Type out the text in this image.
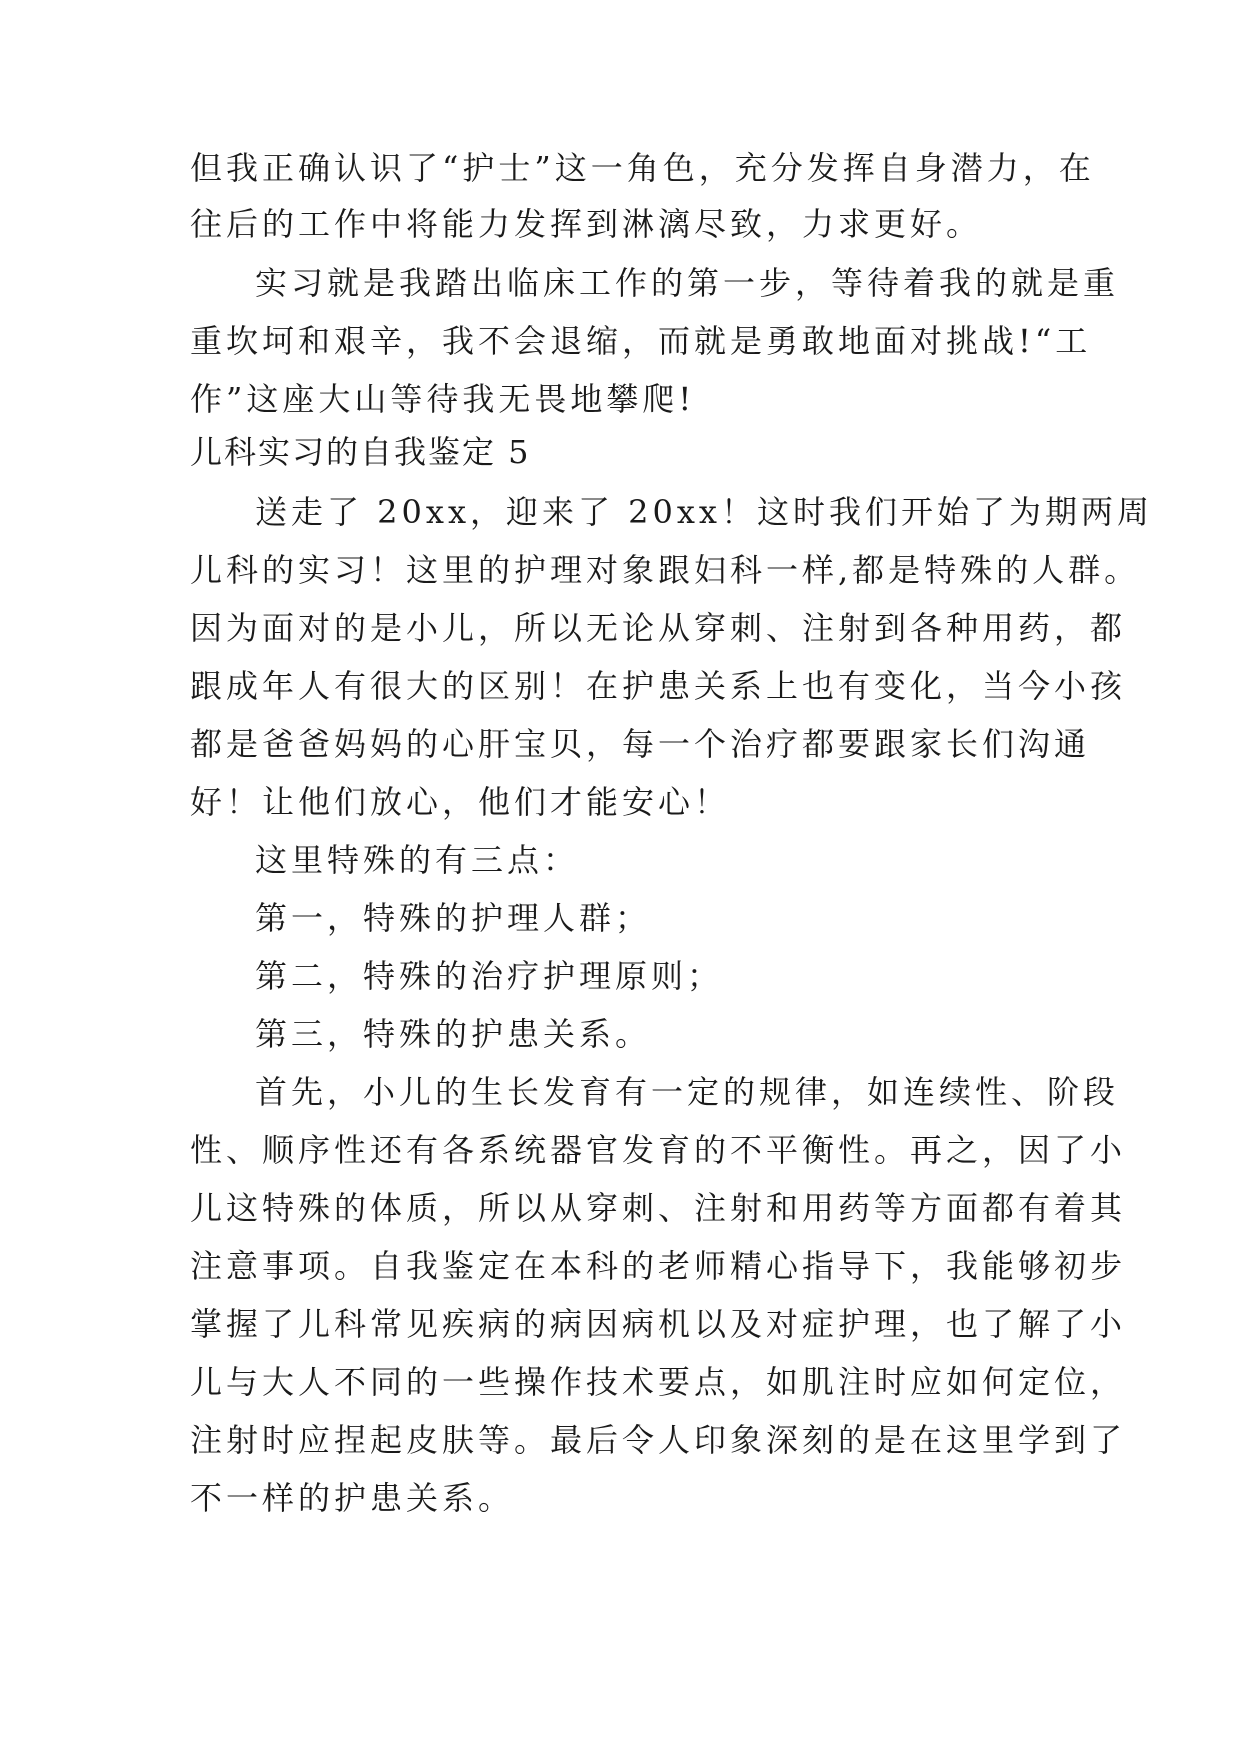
但我正确认识了“护士”这一角色，充分发挥自身潜力，在
往后的工作中将能力发挥到淋漓尽致，力求更好。
实习就是我踏出临床工作的第一步，等待着我的就是重
重坎坷和艰辛，我不会退缩，而就是勇敢地面对挑战!“工
作”这座大山等待我无畏地攀爬!
儿科实习的自我鉴定 5
送走了 20xx，迎来了 20xx！这时我们开始了为期两周
儿科的实习！这里的护理对象跟妇科一样,都是特殊的人群。
因为面对的是小儿，所以无论从穿刺、注射到各种用药，都
跟成年人有很大的区别！在护患关系上也有变化，当今小孩
都是爸爸妈妈的心肝宝贝，每一个治疗都要跟家长们沟通
好！让他们放心，他们才能安心！
这里特殊的有三点：
第一，特殊的护理人群；
第二，特殊的治疗护理原则；
第三，特殊的护患关系。
首先，小儿的生长发育有一定的规律，如连续性、阶段
性、顺序性还有各系统器官发育的不平衡性。再之，因了小
儿这特殊的体质，所以从穿刺、注射和用药等方面都有着其
注意事项。自我鉴定在本科的老师精心指导下，我能够初步
掌握了儿科常见疾病的病因病机以及对症护理，也了解了小
儿与大人不同的一些操作技术要点，如肌注时应如何定位，
注射时应捏起皮肤等。最后令人印象深刻的是在这里学到了
不一样的护患关系。
